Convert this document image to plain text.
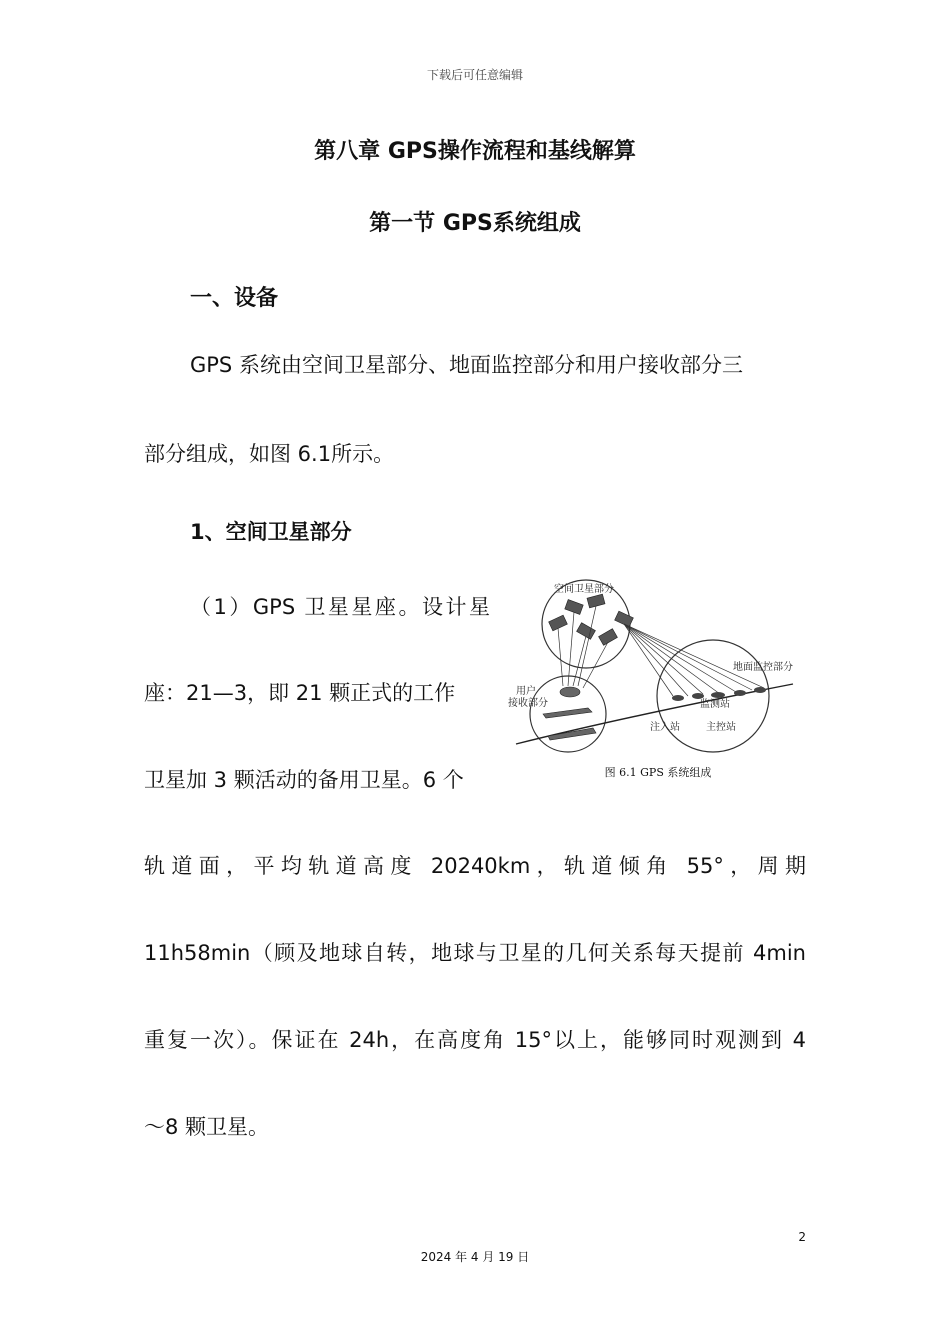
下载后可任意编辑
第八章 GPS操作流程和基线解算
第一节 GPS系统组成
一、设备
GPS 系统由空间卫星部分、地面监控部分和用户接收部分三
部分组成，如图 6.1所示。
1、空间卫星部分
（1）GPS 卫星星座。设计星
座：21—3，即 21 颗正式的工作
卫星加 3 颗活动的备用卫星。6 个
空间卫星部分
地面监控部分
用户
接收部分	监测站
注入站	主控站
图 6.1 GPS 系统组成
轨道面，平均轨道高度 20240km，轨道倾角 55°，周期
11h58min（顾及地球自转，地球与卫星的几何关系每天提前 4min
重复一次）。保证在 24h，在高度角 15°以上，能够同时观测到 4
～8 颗卫星。
2
2024 年 4 月 19 日
